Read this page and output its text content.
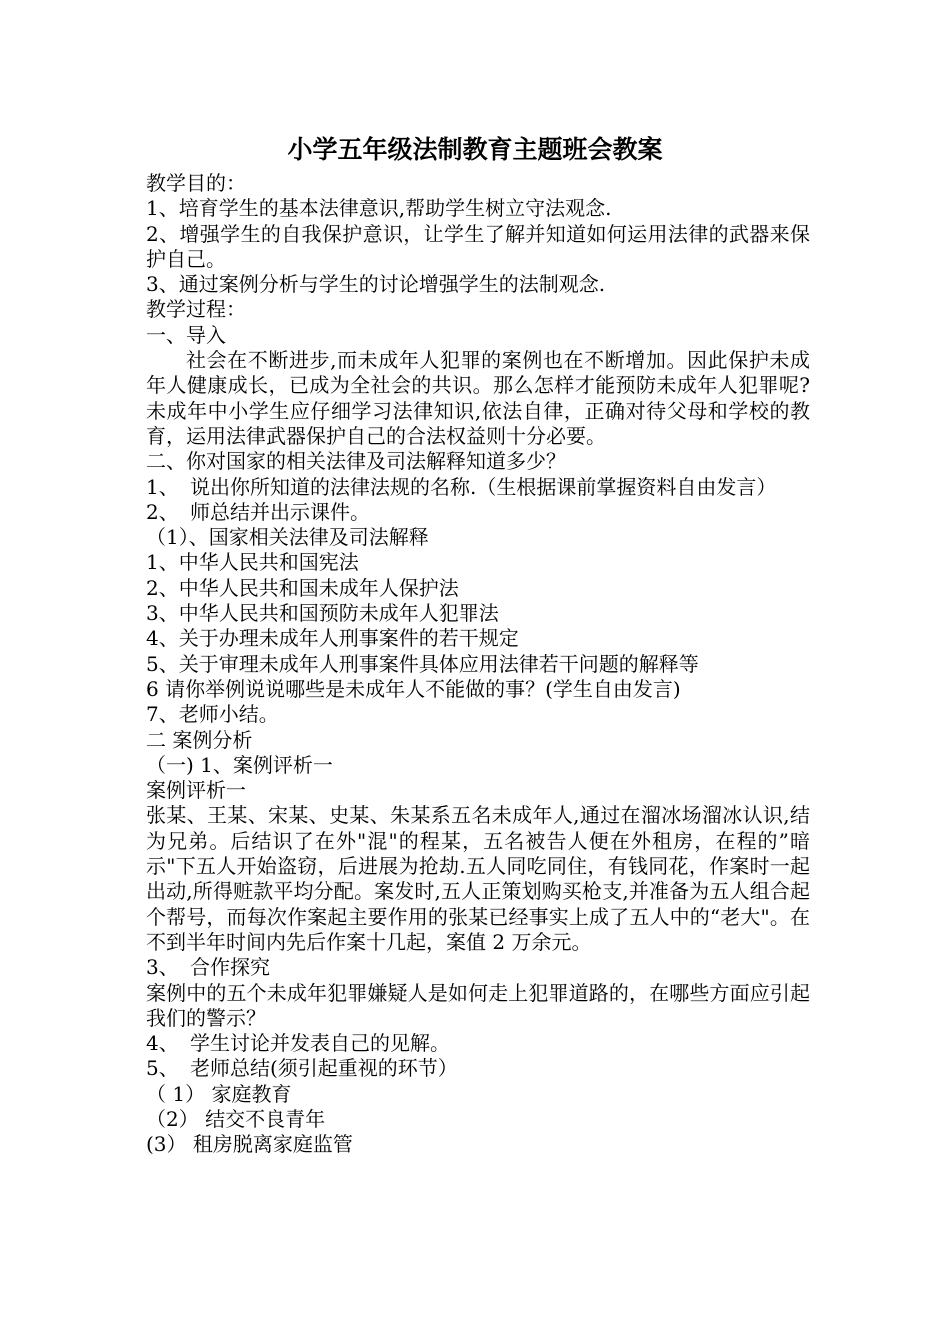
小学五年级法制教育主题班会教案

教学目的：

1、培育学生的基本法律意识,帮助学生树立守法观念.

2、增强学生的自我保护意识，让学生了解并知道如何运用法律的武器来保护自己。

3、通过案例分析与学生的讨论增强学生的法制观念.

教学过程：

一、导入

社会在不断进步,而未成年人犯罪的案例也在不断增加。因此保护未成年人健康成长，已成为全社会的共识。那么怎样才能预防未成年人犯罪呢?未成年中小学生应仔细学习法律知识,依法自律，正确对待父母和学校的教育，运用法律武器保护自己的合法权益则十分必要。

二、你对国家的相关法律及司法解释知道多少？

1、 说出你所知道的法律法规的名称.（生根据课前掌握资料自由发言）

2、 师总结并出示课件。

（1）、国家相关法律及司法解释

1、中华人民共和国宪法

2、中华人民共和国未成年人保护法

3、中华人民共和国预防未成年人犯罪法

4、关于办理未成年人刑事案件的若干规定

5、关于审理未成年人刑事案件具体应用法律若干问题的解释等

6 请你举例说说哪些是未成年人不能做的事？(学生自由发言)

7、老师小结。

二 案例分析

（一) 1、案例评析一

案例评析一

张某、王某、宋某、史某、朱某系五名未成年人,通过在溜冰场溜冰认识,结为兄弟。后结识了在外"混"的程某，五名被告人便在外租房，在程的”暗示"下五人开始盗窃，后进展为抢劫.五人同吃同住，有钱同花，作案时一起出动,所得赃款平均分配。案发时,五人正策划购买枪支,并准备为五人组合起个帮号，而每次作案起主要作用的张某已经事实上成了五人中的“老大"。在不到半年时间内先后作案十几起，案值 2 万余元。

3、 合作探究

案例中的五个未成年犯罪嫌疑人是如何走上犯罪道路的，在哪些方面应引起我们的警示？

4、 学生讨论并发表自己的见解。

5、 老师总结(须引起重视的环节）

（ 1） 家庭教育

（2） 结交不良青年

(3） 租房脱离家庭监管
